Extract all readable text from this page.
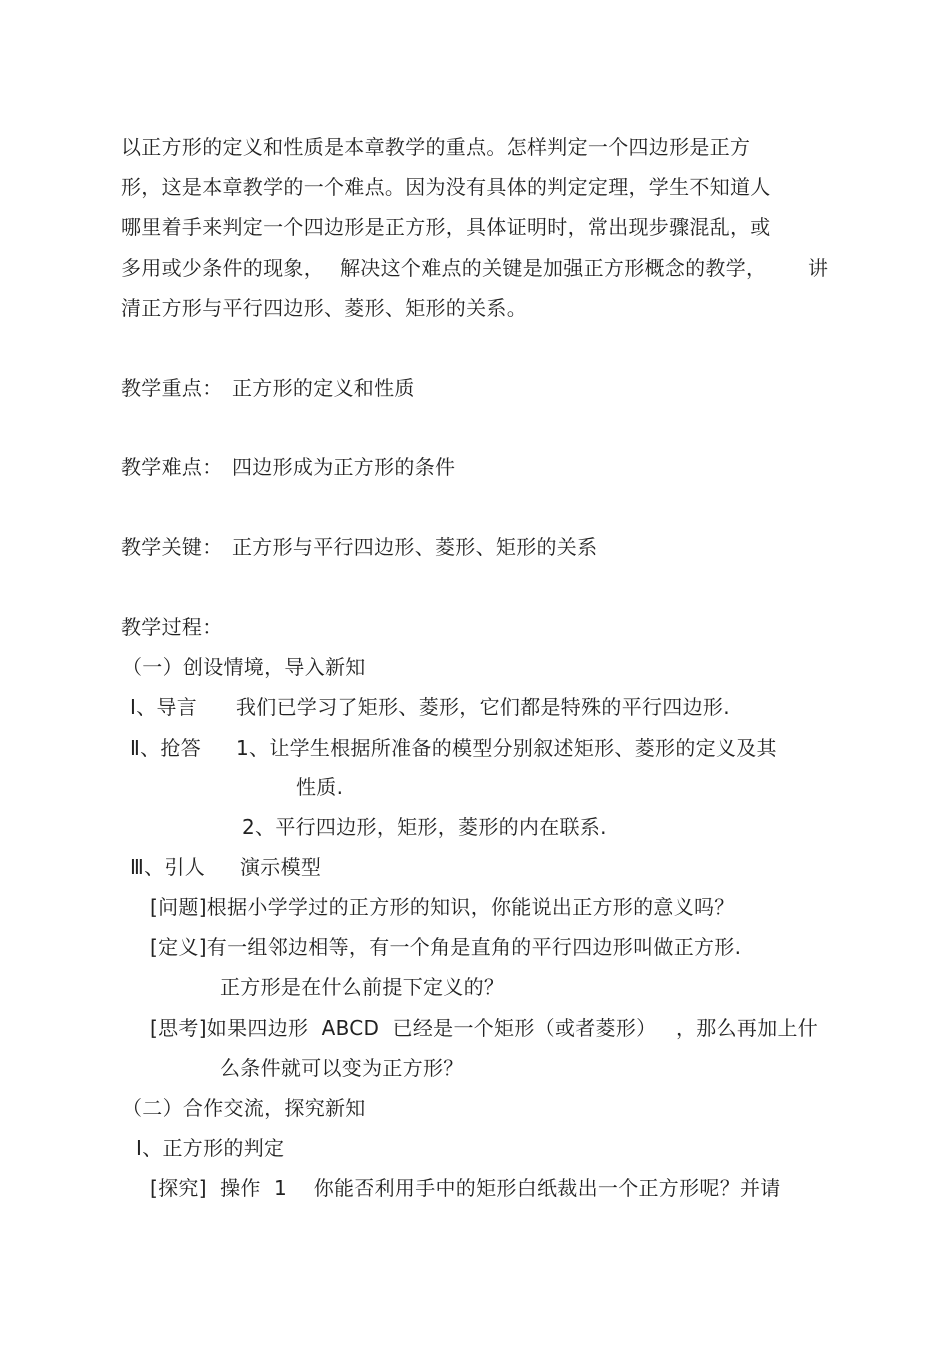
以正方形的定义和性质是本章教学的重点。怎样判定一个四边形是正方
形，这是本章教学的一个难点。因为没有具体的判定定理，学生不知道人
哪里着手来判定一个四边形是正方形，具体证明时，常出现步骤混乱，或
多用或少条件的现象， 解决这个难点的关键是加强正方形概念的教学， 讲
清正方形与平行四边形、菱形、矩形的关系。
教学重点： 正方形的定义和性质
教学难点： 四边形成为正方形的条件
教学关键： 正方形与平行四边形、菱形、矩形的关系
教学过程：
（一）创设情境，导入新知
Ⅰ、导言 我们已学习了矩形、菱形，它们都是特殊的平行四边形.
Ⅱ、抢答 1、让学生根据所准备的模型分别叙述矩形、菱形的定义及其
性质.
2、平行四边形，矩形，菱形的内在联系.
Ⅲ、引人 演示模型
[问题]根据小学学过的正方形的知识，你能说出正方形的意义吗？
[定义]有一组邻边相等，有一个角是直角的平行四边形叫做正方形.
正方形是在什么前提下定义的？
[思考]如果四边形  ABCD  已经是一个矩形（或者菱形） ，那么再加上什
么条件就可以变为正方形？
（二）合作交流，探究新知
Ⅰ、正方形的判定
[探究]  操作  1    你能否利用手中的矩形白纸裁出一个正方形呢？并请
